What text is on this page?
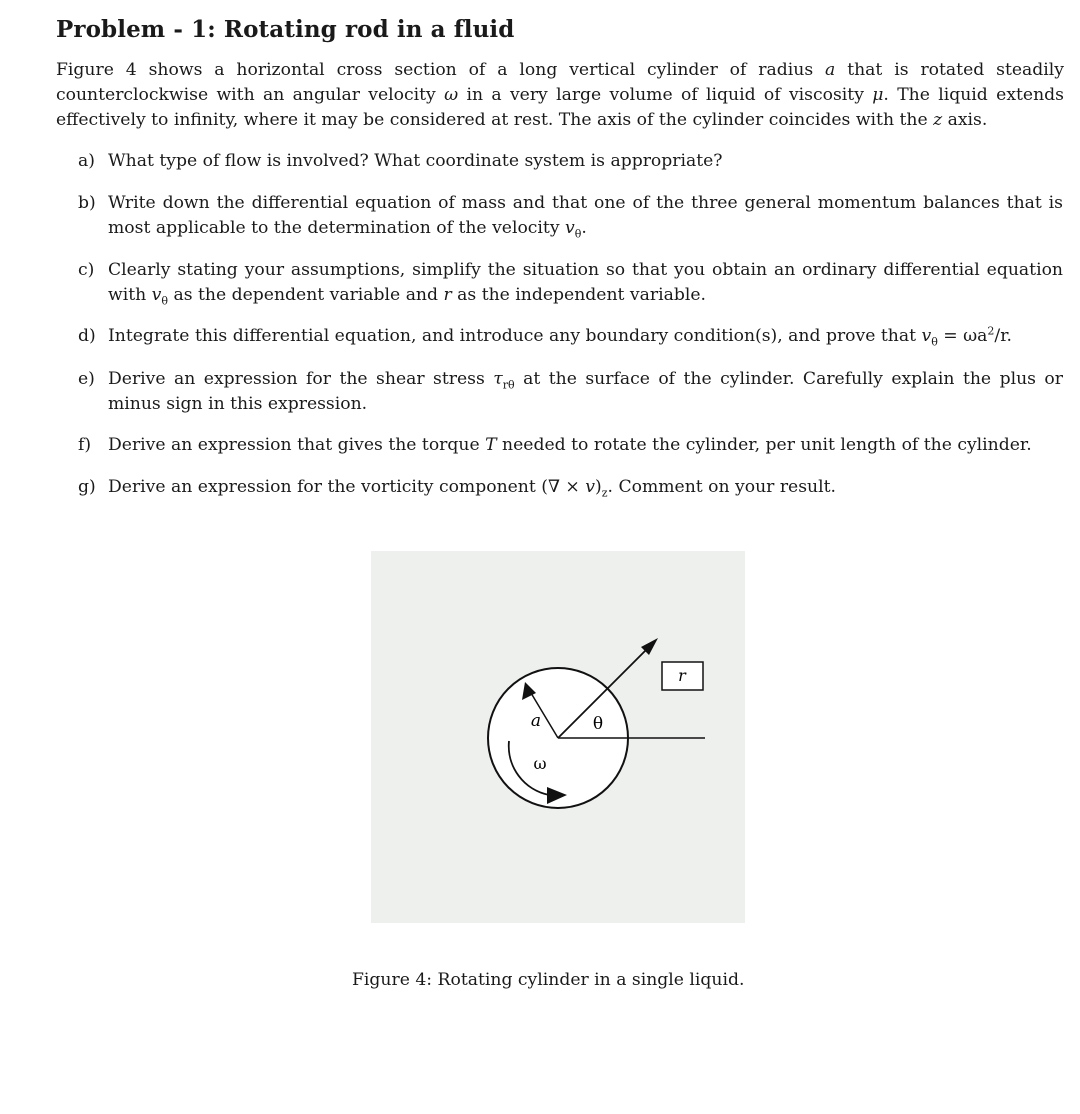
Problem - 1: Rotating rod in a fluid
Figure 4 shows a horizontal cross section of a long vertical cylinder of radius a that is rotated steadily counterclockwise with an angular velocity ω in a very large volume of liquid of viscosity μ. The liquid extends effectively to infinity, where it may be considered at rest. The axis of the cylinder coincides with the z axis.
a) What type of flow is involved? What coordinate system is appropriate?
b) Write down the differential equation of mass and that one of the three general momentum balances that is most applicable to the determination of the velocity $v_\theta$.
c) Clearly stating your assumptions, simplify the situation so that you obtain an ordinary differential equation with $v_\theta$ as the dependent variable and r as the independent variable.
d) Integrate this differential equation, and introduce any boundary condition(s), and prove that $v_\theta = \omega a^2/r$.
e) Derive an expression for the shear stress $\tau_{r\theta}$ at the surface of the cylinder. Carefully explain the plus or minus sign in this expression.
f) Derive an expression that gives the torque T needed to rotate the cylinder, per unit length of the cylinder.
g) Derive an expression for the vorticity component (∇ × $v)_z$. Comment on your result.
r
a	θ
ω
Figure 4: Rotating cylinder in a single liquid.
